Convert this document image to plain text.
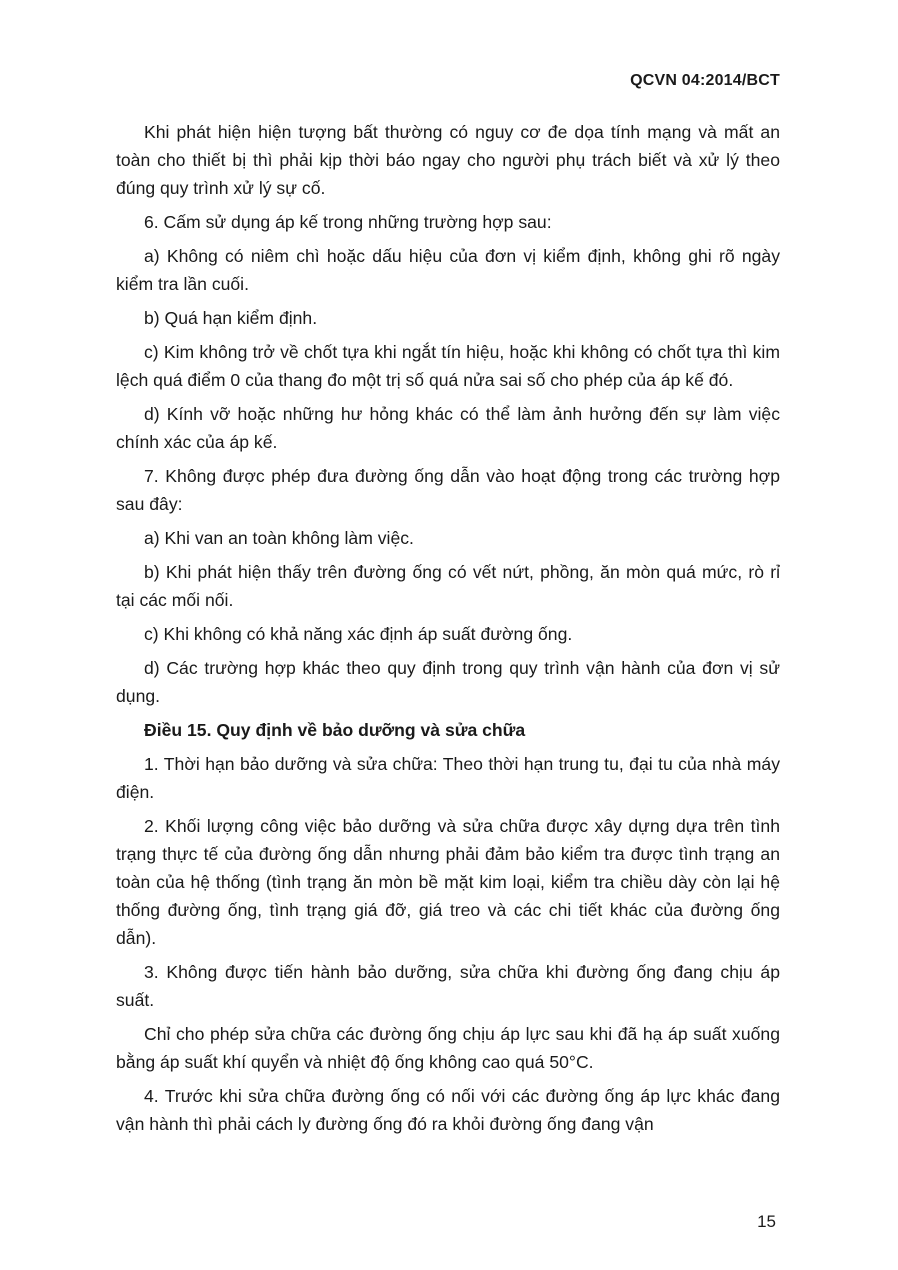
QCVN 04:2014/BCT

Khi phát hiện hiện tượng bất thường có nguy cơ đe dọa tính mạng và mất an toàn cho thiết bị thì phải kịp thời báo ngay cho người phụ trách biết và xử lý theo đúng quy trình xử lý sự cố.

6. Cấm sử dụng áp kế trong những trường hợp sau:

a) Không có niêm chì hoặc dấu hiệu của đơn vị kiểm định, không ghi rõ ngày kiểm tra lần cuối.

b) Quá hạn kiểm định.

c) Kim không trở về chốt tựa khi ngắt tín hiệu, hoặc khi không có chốt tựa thì kim lệch quá điểm 0 của thang đo một trị số quá nửa sai số cho phép của áp kế đó.

d) Kính vỡ hoặc những hư hỏng khác có thể làm ảnh hưởng đến sự làm việc chính xác của áp kế.

7. Không được phép đưa đường ống dẫn vào hoạt động trong các trường hợp sau đây:

a) Khi van an toàn không làm việc.

b) Khi phát hiện thấy trên đường ống có vết nứt, phồng, ăn mòn quá mức, rò rỉ tại các mối nối.

c) Khi không có khả năng xác định áp suất đường ống.

d) Các trường hợp khác theo quy định trong quy trình vận hành của đơn vị sử dụng.

Điều 15. Quy định về bảo dưỡng và sửa chữa

1. Thời hạn bảo dưỡng và sửa chữa: Theo thời hạn trung tu, đại tu của nhà máy điện.

2. Khối lượng công việc bảo dưỡng và sửa chữa được xây dựng dựa trên tình trạng thực tế của đường ống dẫn nhưng phải đảm bảo kiểm tra được tình trạng an toàn của hệ thống (tình trạng ăn mòn bề mặt kim loại, kiểm tra chiều dày còn lại hệ thống đường ống, tình trạng giá đỡ, giá treo và các chi tiết khác của đường ống dẫn).

3. Không được tiến hành bảo dưỡng, sửa chữa khi đường ống đang chịu áp suất.

Chỉ cho phép sửa chữa các đường ống chịu áp lực sau khi đã hạ áp suất xuống bằng áp suất khí quyển và nhiệt độ ống không cao quá 50°C.

4. Trước khi sửa chữa đường ống có nối với các đường ống áp lực khác đang vận hành thì phải cách ly đường ống đó ra khỏi đường ống đang vận

15
